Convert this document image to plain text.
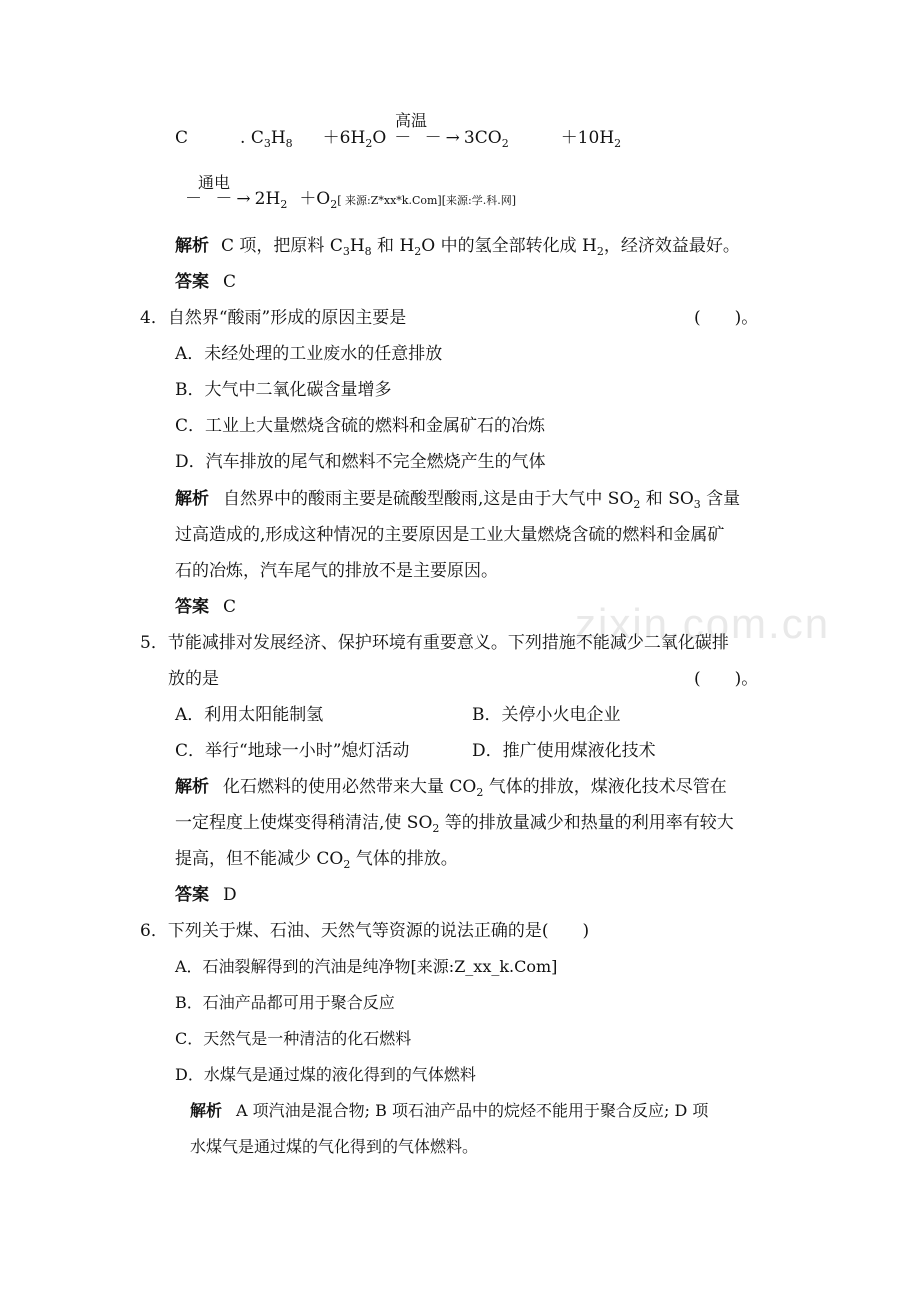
zixin.com.cn
高温
C	. $C_3H_8 +6H_2O - -\to 3CO_2$	$+10H_2$
通电
－ $-\to 2H_2 +O_2$[ 来源:Z*xx*k.Com][来源:学.科.网]
解析 C 项，把原料 $C_3H_8$ 和 $H_2O$ 中的氢全部转化成 $H_2$，经济效益最好。
答案 C
4．自然界“酸雨”形成的原因主要是	(　　)。
A．未经处理的工业废水的任意排放
B．大气中二氧化碳含量增多
C．工业上大量燃烧含硫的燃料和金属矿石的冶炼
D．汽车排放的尾气和燃料不完全燃烧产生的气体
解析 自然界中的酸雨主要是硫酸型酸雨,这是由于大气中 $SO_2$ 和 $SO_3$ 含量
过高造成的,形成这种情况的主要原因是工业大量燃烧含硫的燃料和金属矿
石的冶炼，汽车尾气的排放不是主要原因。
答案 C
5．节能减排对发展经济、保护环境有重要意义。下列措施不能减少二氧化碳排
放的是	(　　)。
A．利用太阳能制氢	B．关停小火电企业
C．举行“地球一小时”熄灯活动	D．推广使用煤液化技术
解析 化石燃料的使用必然带来大量 $CO_2$ 气体的排放，煤液化技术尽管在
一定程度上使煤变得稍清洁,使 $SO_2$ 等的排放量减少和热量的利用率有较大
提高，但不能减少 $CO_2$ 气体的排放。
答案 D
6．下列关于煤、石油、天然气等资源的说法正确的是(　　)
A．石油裂解得到的汽油是纯净物[来源:Z_xx_k.Com]
B．石油产品都可用于聚合反应
C．天然气是一种清洁的化石燃料
D．水煤气是通过煤的液化得到的气体燃料
解析 A 项汽油是混合物; B 项石油产品中的烷烃不能用于聚合反应; D 项
水煤气是通过煤的气化得到的气体燃料。
